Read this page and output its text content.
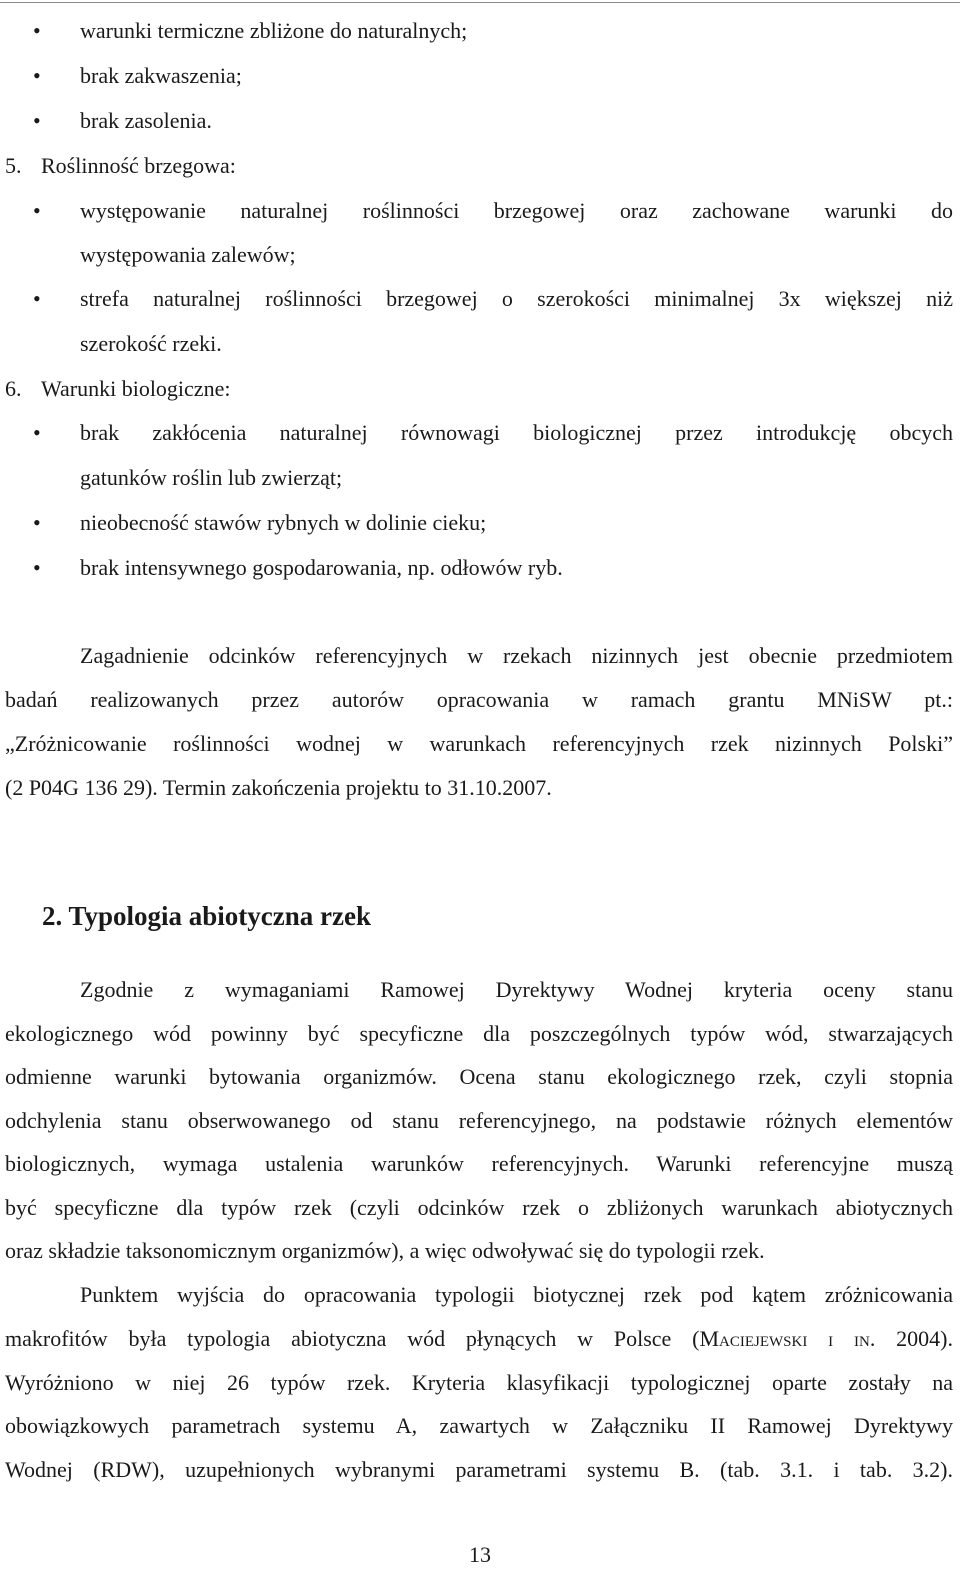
• warunki termiczne zbliżone do naturalnych;
• brak zakwaszenia;
• brak zasolenia.
5. Roślinność brzegowa:
• występowanie naturalnej roślinności brzegowej oraz zachowane warunki do
występowania zalewów;
• strefa naturalnej roślinności brzegowej o szerokości minimalnej 3x większej niż
szerokość rzeki.
6. Warunki biologiczne:
• brak zakłócenia naturalnej równowagi biologicznej przez introdukcję obcych
gatunków roślin lub zwierząt;
• nieobecność stawów rybnych w dolinie cieku;
• brak intensywnego gospodarowania, np. odłowów ryb.
Zagadnienie odcinków referencyjnych w rzekach nizinnych jest obecnie przedmiotem
badań realizowanych przez autorów opracowania w ramach grantu MNiSW pt.:
„Zróżnicowanie roślinności wodnej w warunkach referencyjnych rzek nizinnych Polski”
(2 P04G 136 29). Termin zakończenia projektu to 31.10.2007.
2. Typologia abiotyczna rzek
Zgodnie z wymaganiami Ramowej Dyrektywy Wodnej kryteria oceny stanu
ekologicznego wód powinny być specyficzne dla poszczególnych typów wód, stwarzających
odmienne warunki bytowania organizmów. Ocena stanu ekologicznego rzek, czyli stopnia
odchylenia stanu obserwowanego od stanu referencyjnego, na podstawie różnych elementów
biologicznych, wymaga ustalenia warunków referencyjnych. Warunki referencyjne muszą
być specyficzne dla typów rzek (czyli odcinków rzek o zbliżonych warunkach abiotycznych
oraz składzie taksonomicznym organizmów), a więc odwoływać się do typologii rzek.
Punktem wyjścia do opracowania typologii biotycznej rzek pod kątem zróżnicowania
makrofitów była typologia abiotyczna wód płynących w Polsce (Maciejewski i in. 2004).
Wyróżniono w niej 26 typów rzek. Kryteria klasyfikacji typologicznej oparte zostały na
obowiązkowych parametrach systemu A, zawartych w Załączniku II Ramowej Dyrektywy
Wodnej (RDW), uzupełnionych wybranymi parametrami systemu B. (tab. 3.1. i tab. 3.2).
13
